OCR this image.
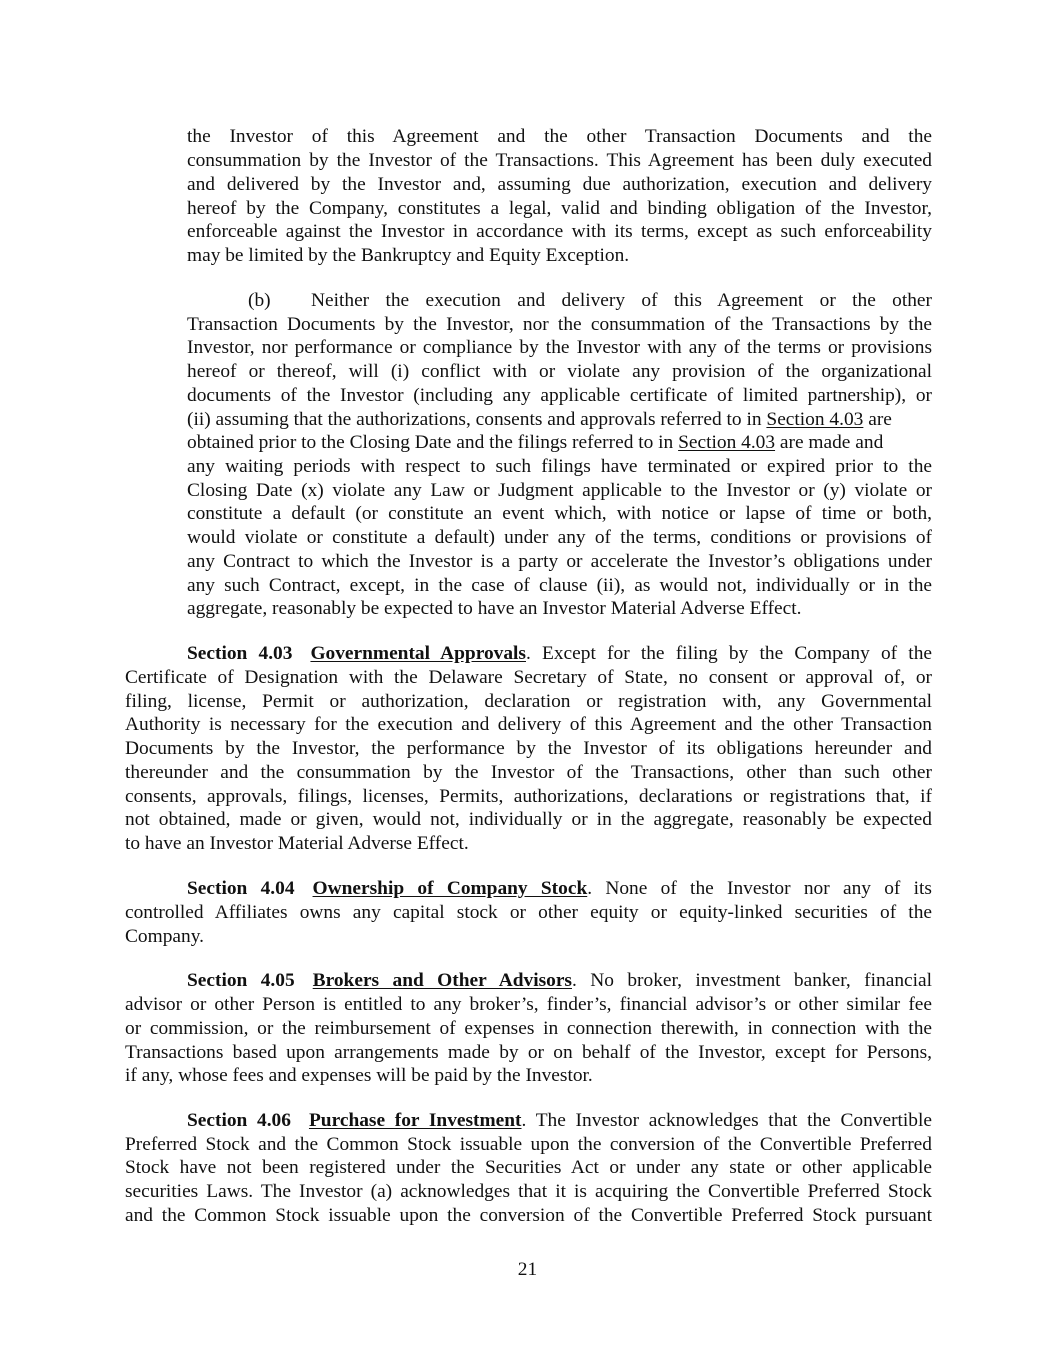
the Investor of this Agreement and the other Transaction Documents and the
consummation by the Investor of the Transactions. This Agreement has been duly executed
and delivered by the Investor and, assuming due authorization, execution and delivery
hereof by the Company, constitutes a legal, valid and binding obligation of the Investor,
enforceable against the Investor in accordance with its terms, except as such enforceability
may be limited by the Bankruptcy and Equity Exception.
(b) Neither the execution and delivery of this Agreement or the other
Transaction Documents by the Investor, nor the consummation of the Transactions by the
Investor, nor performance or compliance by the Investor with any of the terms or provisions
hereof or thereof, will (i) conflict with or violate any provision of the organizational
documents of the Investor (including any applicable certificate of limited partnership), or
(ii) assuming that the authorizations, consents and approvals referred to in Section 4.03 are
obtained prior to the Closing Date and the filings referred to in Section 4.03 are made and
any waiting periods with respect to such filings have terminated or expired prior to the
Closing Date (x) violate any Law or Judgment applicable to the Investor or (y) violate or
constitute a default (or constitute an event which, with notice or lapse of time or both,
would violate or constitute a default) under any of the terms, conditions or provisions of
any Contract to which the Investor is a party or accelerate the Investor’s obligations under
any such Contract, except, in the case of clause (ii), as would not, individually or in the
aggregate, reasonably be expected to have an Investor Material Adverse Effect.
Section 4.03 Governmental Approvals. Except for the filing by the Company of the
Certificate of Designation with the Delaware Secretary of State, no consent or approval of, or
filing, license, Permit or authorization, declaration or registration with, any Governmental
Authority is necessary for the execution and delivery of this Agreement and the other Transaction
Documents by the Investor, the performance by the Investor of its obligations hereunder and
thereunder and the consummation by the Investor of the Transactions, other than such other
consents, approvals, filings, licenses, Permits, authorizations, declarations or registrations that, if
not obtained, made or given, would not, individually or in the aggregate, reasonably be expected
to have an Investor Material Adverse Effect.
Section 4.04 Ownership of Company Stock. None of the Investor nor any of its
controlled Affiliates owns any capital stock or other equity or equity-linked securities of the
Company.
Section 4.05 Brokers and Other Advisors. No broker, investment banker, financial
advisor or other Person is entitled to any broker’s, finder’s, financial advisor’s or other similar fee
or commission, or the reimbursement of expenses in connection therewith, in connection with the
Transactions based upon arrangements made by or on behalf of the Investor, except for Persons,
if any, whose fees and expenses will be paid by the Investor.
Section 4.06 Purchase for Investment. The Investor acknowledges that the Convertible
Preferred Stock and the Common Stock issuable upon the conversion of the Convertible Preferred
Stock have not been registered under the Securities Act or under any state or other applicable
securities Laws. The Investor (a) acknowledges that it is acquiring the Convertible Preferred Stock
and the Common Stock issuable upon the conversion of the Convertible Preferred Stock pursuant
21
